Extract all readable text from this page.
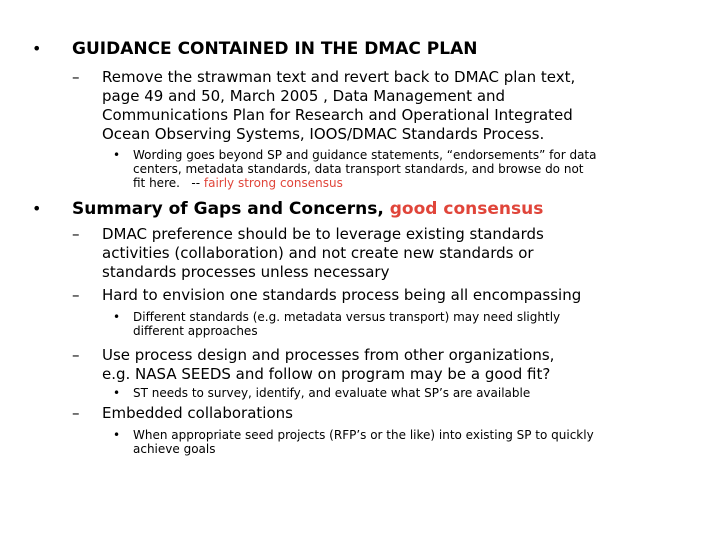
•	GUIDANCE CONTAINED IN THE DMAC PLAN
–	Remove the strawman text and revert back to DMAC plan text,
page 49 and 50, March 2005 , Data Management and
Communications Plan for Research and Operational Integrated
Ocean Observing Systems, IOOS/DMAC Standards Process.
•	Wording goes beyond SP and guidance statements, “endorsements” for data
centers, metadata standards, data transport standards, and browse do not
fit here.   -- fairly strong consensus
•	Summary of Gaps and Concerns, good consensus
–	DMAC preference should be to leverage existing standards
activities (collaboration) and not create new standards or
standards processes unless necessary
–	Hard to envision one standards process being all encompassing
•	Different standards (e.g. metadata versus transport) may need slightly
different approaches
–	Use process design and processes from other organizations,
e.g. NASA SEEDS and follow on program may be a good fit?
•	ST needs to survey, identify, and evaluate what SP’s are available
–	Embedded collaborations
•	When appropriate seed projects (RFP’s or the like) into existing SP to quickly
achieve goals
